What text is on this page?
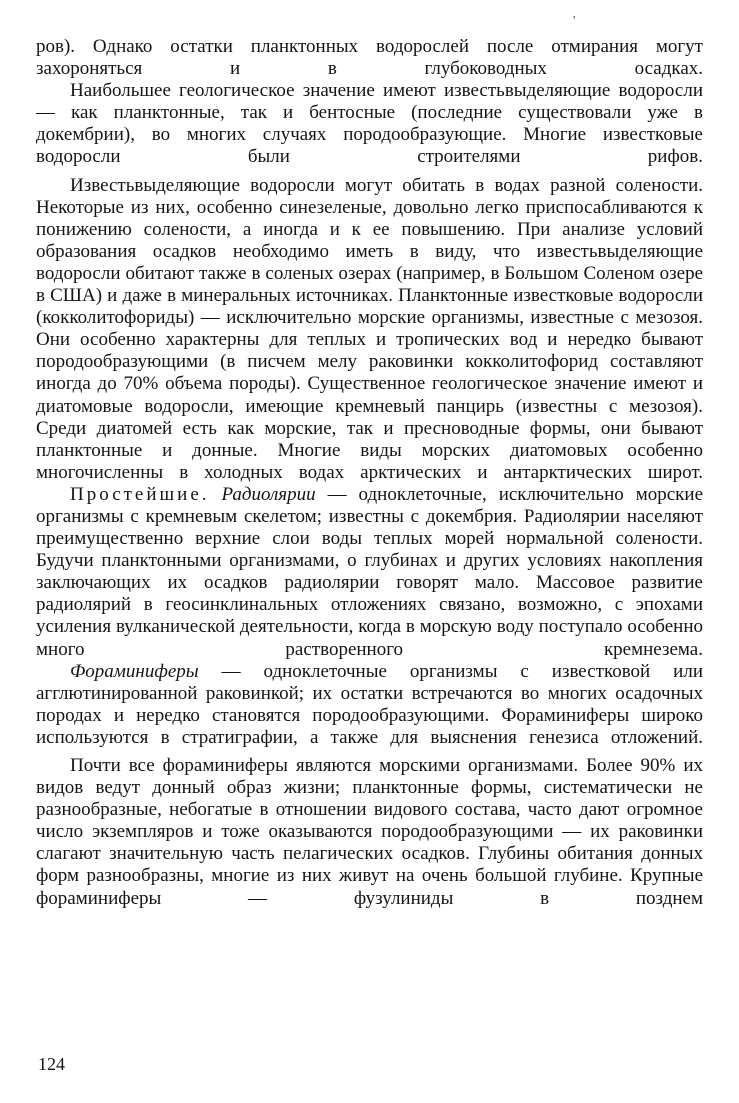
'

ров). Однако остатки планктонных водорослей после отмирания могут захороняться и в глубоководных осадках.

Наибольшее геологическое значение имеют известьвыделяющие водоросли — как планктонные, так и бентосные (последние существовали уже в докембрии), во многих случаях породообразующие. Многие известковые водоросли были строителями рифов.

Известьвыделяющие водоросли могут обитать в водах разной солености. Некоторые из них, особенно синезеленые, довольно легко приспосабливаются к понижению солености, а иногда и к ее повышению. При анализе условий образования осадков необходимо иметь в виду, что известьвыделяющие водоросли обитают также в соленых озерах (например, в Большом Соленом озере в США) и даже в минеральных источниках. Планктонные известковые водоросли (кокколитофориды) — исключительно морские организмы, известные с мезозоя. Они особенно характерны для теплых и тропических вод и нередко бывают породообразующими (в писчем мелу раковинки кокколитофорид составляют иногда до 70% объема породы). Существенное геологическое значение имеют и диатомовые водоросли, имеющие кремневый панцирь (известны с мезозоя). Среди диатомей есть как морские, так и пресноводные формы, они бывают планктонные и донные. Многие виды морских диатомовых особенно многочисленны в холодных водах арктических и антарктических широт.

Простейшие. Радиолярии — одноклеточные, исключительно морские организмы с кремневым скелетом; известны с докембрия. Радиолярии населяют преимущественно верхние слои воды теплых морей нормальной солености. Будучи планктонными организмами, о глубинах и других условиях накопления заключающих их осадков радиолярии говорят мало. Массовое развитие радиолярий в геосинклинальных отложениях связано, возможно, с эпохами усиления вулканической деятельности, когда в морскую воду поступало особенно много растворенного кремнезема.

Фораминиферы — одноклеточные организмы с известковой или агглютинированной раковинкой; их остатки встречаются во многих осадочных породах и нередко становятся породообразующими. Фораминиферы широко используются в стратиграфии, а также для выяснения генезиса отложений.

Почти все фораминиферы являются морскими организмами. Более 90% их видов ведут донный образ жизни; планктонные формы, систематически не разнообразные, небогатые в отношении видового состава, часто дают огромное число экземпляров и тоже оказываются породообразующими — их раковинки слагают значительную часть пелагических осадков. Глубины обитания донных форм разнообразны, многие из них живут на очень большой глубине. Крупные фораминиферы — фузулиниды в позднем

124
